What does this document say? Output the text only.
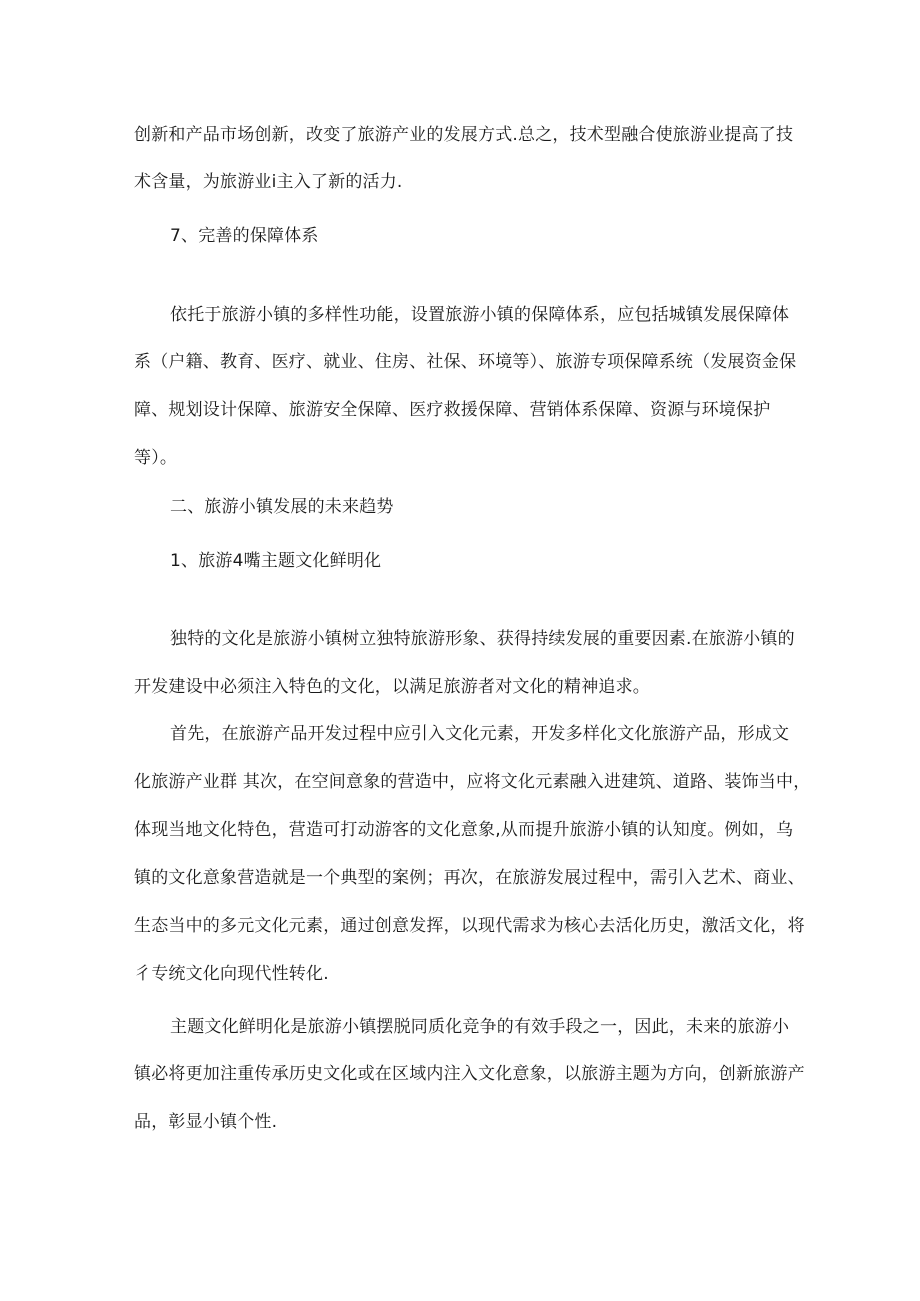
创新和产品市场创新，改变了旅游产业的发展方式.总之，技术型融合使旅游业提高了技
术含量，为旅游业i主入了新的活力.
7、完善的保障体系
依托于旅游小镇的多样性功能，设置旅游小镇的保障体系，应包括城镇发展保障体
系（户籍、教育、医疗、就业、住房、社保、环境等）、旅游专项保障系统（发展资金保
障、规划设计保障、旅游安全保障、医疗救援保障、营销体系保障、资源与环境保护
等）。
二、旅游小镇发展的未来趋势
1、旅游4嘴主题文化鲜明化
独特的文化是旅游小镇树立独特旅游形象、获得持续发展的重要因素.在旅游小镇的
开发建设中必须注入特色的文化，以满足旅游者对文化的精神追求。
首先，在旅游产品开发过程中应引入文化元素，开发多样化文化旅游产品，形成文
化旅游产业群 其次，在空间意象的营造中，应将文化元素融入进建筑、道路、装饰当中，
体现当地文化特色，营造可打动游客的文化意象,从而提升旅游小镇的认知度。例如，乌
镇的文化意象营造就是一个典型的案例；再次，在旅游发展过程中，需引入艺术、商业、
生态当中的多元文化元素，通过创意发挥，以现代需求为核心去活化历史，激活文化，将
彳专统文化向现代性转化.
主题文化鲜明化是旅游小镇摆脱同质化竞争的有效手段之一，因此，未来的旅游小
镇必将更加注重传承历史文化或在区域内注入文化意象，以旅游主题为方向，创新旅游产
品，彰显小镇个性.
